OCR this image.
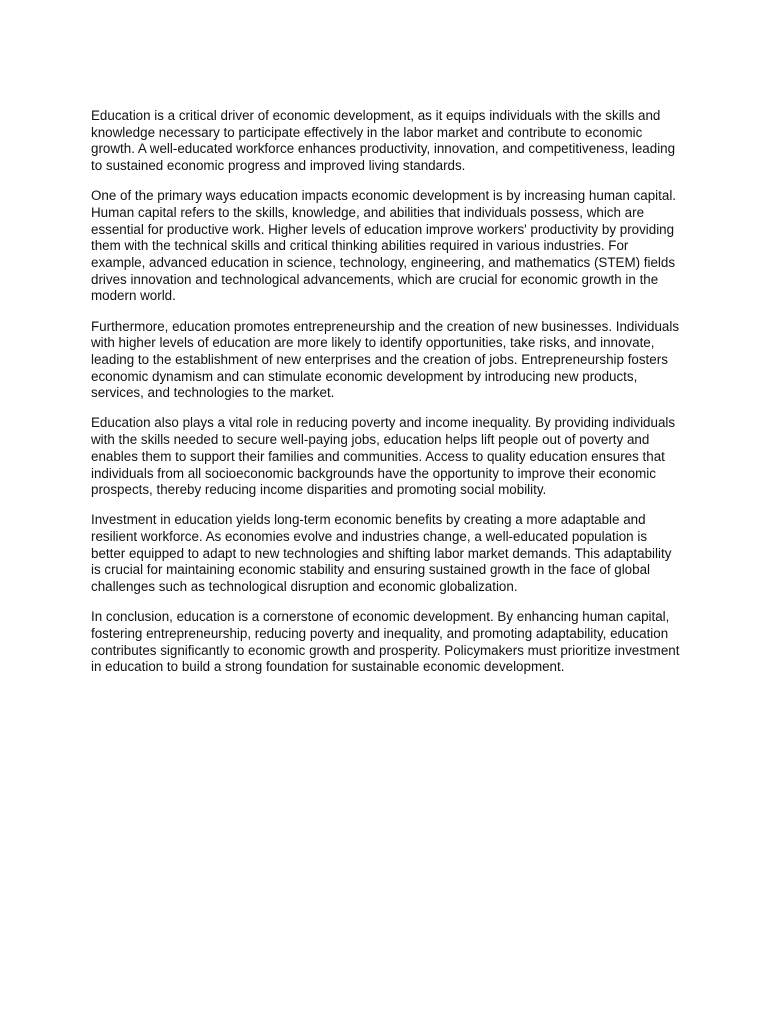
Education is a critical driver of economic development, as it equips individuals with the skills and knowledge necessary to participate effectively in the labor market and contribute to economic growth. A well-educated workforce enhances productivity, innovation, and competitiveness, leading to sustained economic progress and improved living standards.

One of the primary ways education impacts economic development is by increasing human capital. Human capital refers to the skills, knowledge, and abilities that individuals possess, which are essential for productive work. Higher levels of education improve workers' productivity by providing them with the technical skills and critical thinking abilities required in various industries. For example, advanced education in science, technology, engineering, and mathematics (STEM) fields drives innovation and technological advancements, which are crucial for economic growth in the modern world.

Furthermore, education promotes entrepreneurship and the creation of new businesses. Individuals with higher levels of education are more likely to identify opportunities, take risks, and innovate, leading to the establishment of new enterprises and the creation of jobs. Entrepreneurship fosters economic dynamism and can stimulate economic development by introducing new products, services, and technologies to the market.

Education also plays a vital role in reducing poverty and income inequality. By providing individuals with the skills needed to secure well-paying jobs, education helps lift people out of poverty and enables them to support their families and communities. Access to quality education ensures that individuals from all socioeconomic backgrounds have the opportunity to improve their economic prospects, thereby reducing income disparities and promoting social mobility.

Investment in education yields long-term economic benefits by creating a more adaptable and resilient workforce. As economies evolve and industries change, a well-educated population is better equipped to adapt to new technologies and shifting labor market demands. This adaptability is crucial for maintaining economic stability and ensuring sustained growth in the face of global challenges such as technological disruption and economic globalization.

In conclusion, education is a cornerstone of economic development. By enhancing human capital, fostering entrepreneurship, reducing poverty and inequality, and promoting adaptability, education contributes significantly to economic growth and prosperity. Policymakers must prioritize investment in education to build a strong foundation for sustainable economic development.
